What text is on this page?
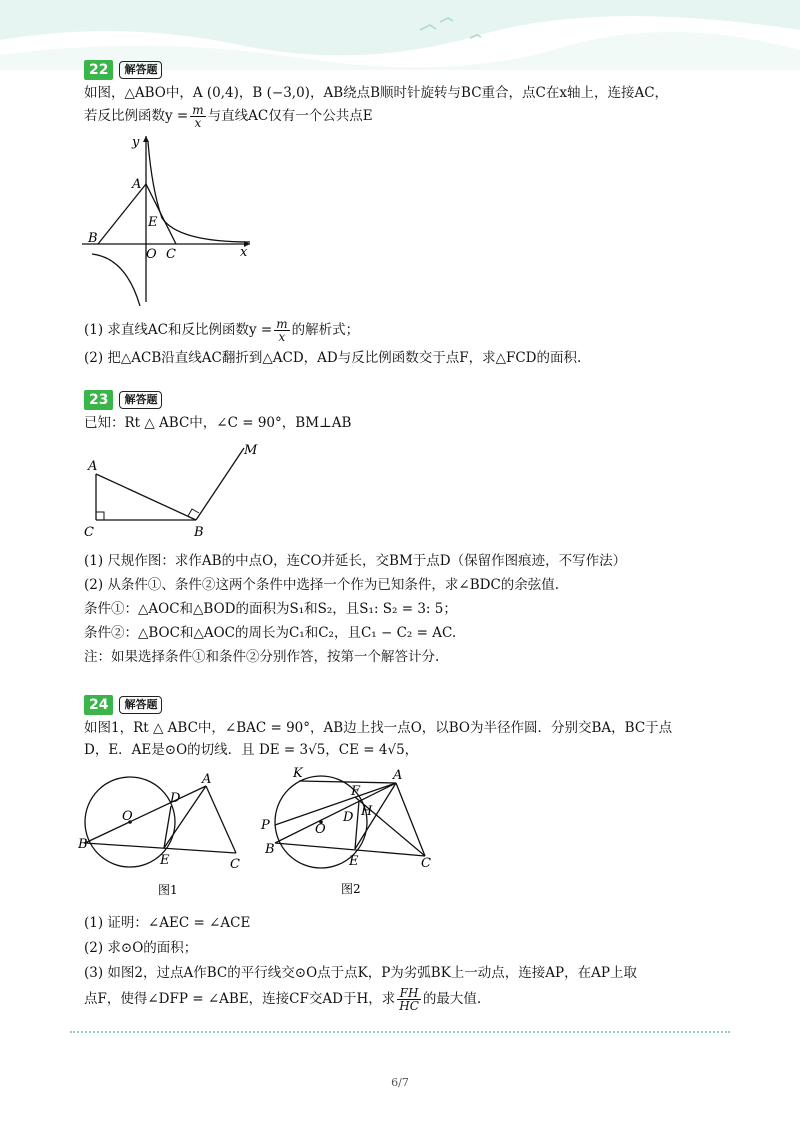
22	解答题
如图，△ABO中，A (0,4)，B (−3,0)，AB绕点B顺时针旋转与BC重合，点C在x轴上，连接AC，
若反比例函数$y = \frac{m}{x}$ 与直线AC仅有一个公共点E
A
B
O C
E
x
y
(1) 求直线AC和反比例函数$y = \frac{m}{x}$ 的解析式；
(2) 把△ACB沿直线AC翻折到△ACD，AD与反比例函数交于点F，求△FCD的面积.
23	解答题
已知：Rt △ ABC中，∠C = 90°，BM⊥AB
A
C	B
M
(1) 尺规作图：求作AB的中点O，连CO并延长，交BM于点D（保留作图痕迹，不写作法）
(2) 从条件①、条件②这两个条件中选择一个作为已知条件，求∠BDC的余弦值.
条件①：△AOC和△BOD的面积为S₁和S₂，且S₁: S₂ = 3: 5；
条件②：△BOC和△AOC的周长为C₁和C₂，且C₁ − C₂ = AC.
注：如果选择条件①和条件②分别作答，按第一个解答计分.
24	解答题
如图1，Rt △ ABC中，∠BAC = 90°，AB边上找一点O，以BO为半径作圆．分别交BA，BC于点
D，E．AE是⊙O的切线．且 DE = 3√5，CE = 4√5，
B
O
D
A
E	C
图1
K	A
F
P	O
D H
B
E	C
图2
(1) 证明：∠AEC = ∠ACE
(2) 求⊙O的面积；
(3) 如图2，过点A作BC的平行线交⊙O点于点K，P为劣弧BK上一动点，连接AP，在AP上取
点F，使得∠DFP = ∠ABE，连接CF交AD于H，求 $\frac{FH}{HC}$ 的最大值.
6/7
